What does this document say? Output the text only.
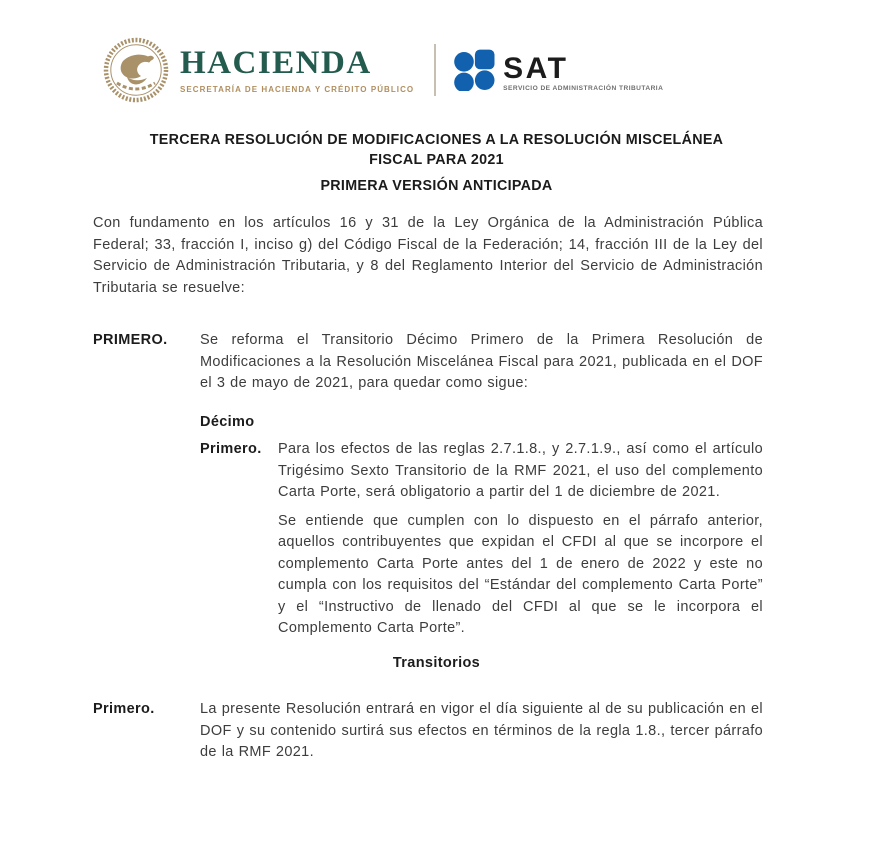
HACIENDA
SECRETARÍA DE HACIENDA Y CRÉDITO PÚBLICO
SAT
SERVICIO DE ADMINISTRACIÓN TRIBUTARIA
TERCERA RESOLUCIÓN DE MODIFICACIONES A LA RESOLUCIÓN MISCELÁNEA
FISCAL PARA 2021
PRIMERA VERSIÓN ANTICIPADA

Con fundamento en los artículos 16 y 31 de la Ley Orgánica de la Administración Pública Federal; 33, fracción I, inciso g) del Código Fiscal de la Federación; 14, fracción III de la Ley del Servicio de Administración Tributaria, y 8 del Reglamento Interior del Servicio de Administración Tributaria se resuelve:

PRIMERO.	Se reforma el Transitorio Décimo Primero de la Primera Resolución de Modificaciones a la Resolución Miscelánea Fiscal para 2021, publicada en el DOF el 3 de mayo de 2021, para quedar como sigue:

Décimo
Primero.	Para los efectos de las reglas 2.7.1.8., y 2.7.1.9., así como el artículo Trigésimo Sexto Transitorio de la RMF 2021, el uso del complemento Carta Porte, será obligatorio a partir del 1 de diciembre de 2021.

Se entiende que cumplen con lo dispuesto en el párrafo anterior, aquellos contribuyentes que expidan el CFDI al que se incorpore el complemento Carta Porte antes del 1 de enero de 2022 y este no cumpla con los requisitos del “Estándar del complemento Carta Porte” y el “Instructivo de llenado del CFDI al que se le incorpora el Complemento Carta Porte”.

Transitorios
Primero.	La presente Resolución entrará en vigor el día siguiente al de su publicación en el DOF y su contenido surtirá sus efectos en términos de la regla 1.8., tercer párrafo de la RMF 2021.
